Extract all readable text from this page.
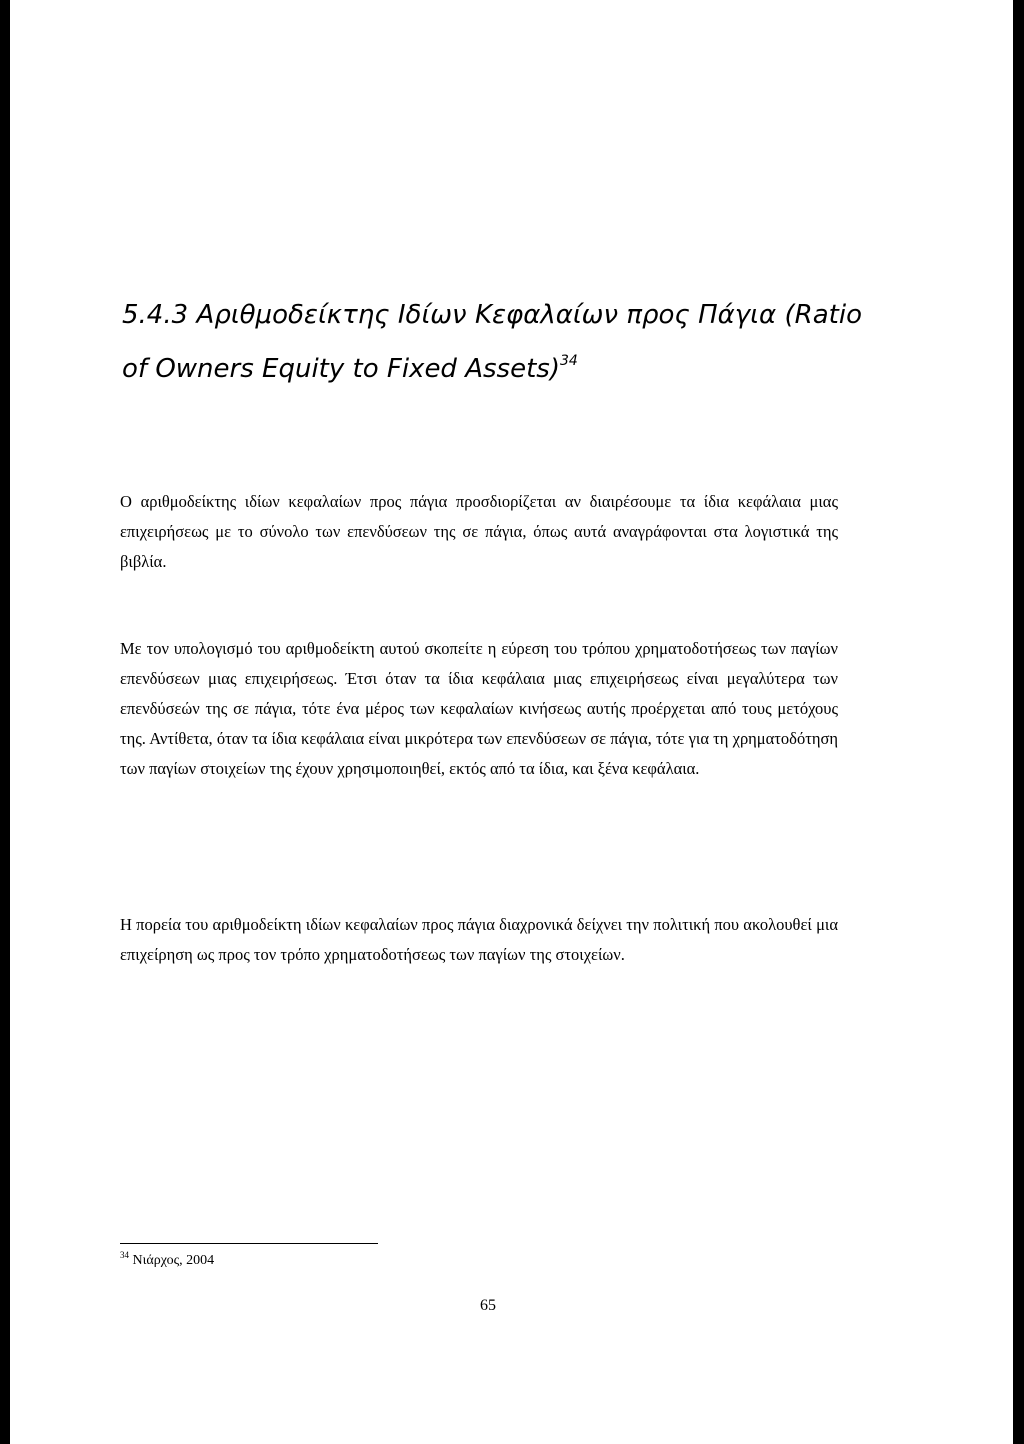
5.4.3 Αριθμοδείκτης Ιδίων Κεφαλαίων προς Πάγια (Ratio of Owners Equity to Fixed Assets)$^{34}$

Ο αριθμοδείκτης ιδίων κεφαλαίων προς πάγια προσδιορίζεται αν διαιρέσουμε τα ίδια κεφάλαια μιας επιχειρήσεως με το σύνολο των επενδύσεων της σε πάγια, όπως αυτά αναγράφονται στα λογιστικά της βιβλία.

Με τον υπολογισμό του αριθμοδείκτη αυτού σκοπείτε η εύρεση του τρόπου χρηματοδοτήσεως των παγίων επενδύσεων μιας επιχειρήσεως. Έτσι όταν τα ίδια κεφάλαια μιας επιχειρήσεως είναι μεγαλύτερα των επενδύσεών της σε πάγια, τότε ένα μέρος των κεφαλαίων κινήσεως αυτής προέρχεται από τους μετόχους της. Αντίθετα, όταν τα ίδια κεφάλαια είναι μικρότερα των επενδύσεων σε πάγια, τότε για τη χρηματοδότηση των παγίων στοιχείων της έχουν χρησιμοποιηθεί, εκτός από τα ίδια, και ξένα κεφάλαια.

Η πορεία του αριθμοδείκτη ιδίων κεφαλαίων προς πάγια διαχρονικά δείχνει την πολιτική που ακολουθεί μια επιχείρηση ως προς τον τρόπο χρηματοδοτήσεως των παγίων της στοιχείων.

$^{34}$ Νιάρχος, 2004

65
